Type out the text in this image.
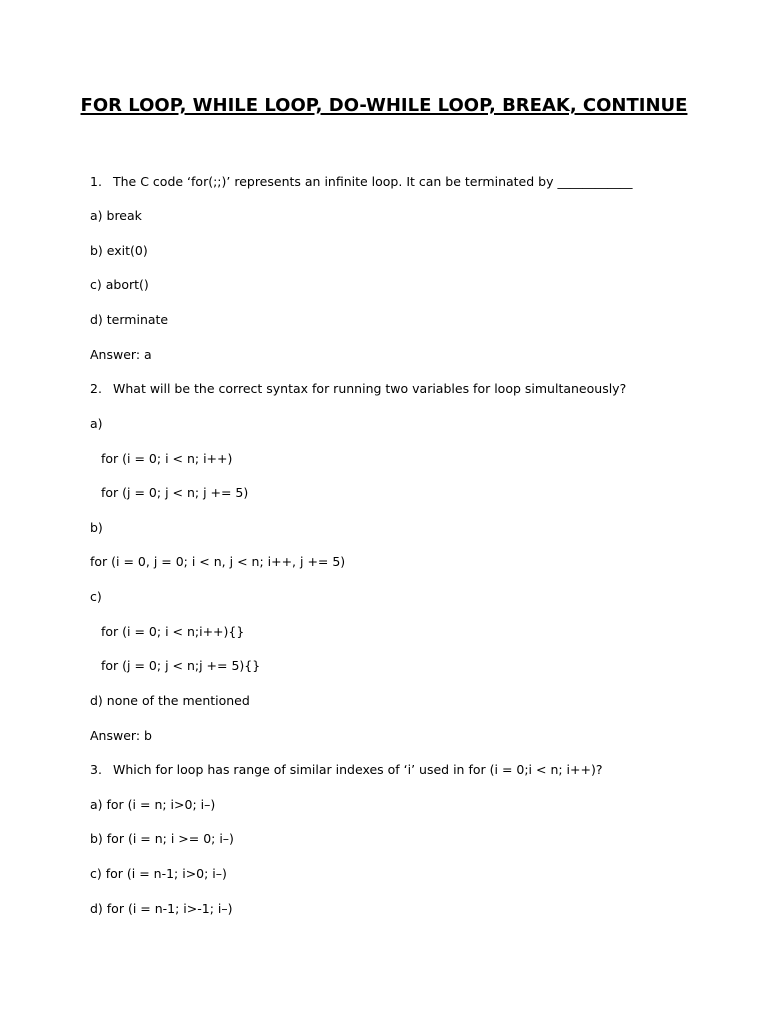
FOR LOOP, WHILE LOOP, DO-WHILE LOOP, BREAK, CONTINUE
1. The C code ‘for(;;)’ represents an infinite loop. It can be terminated by ____________
a) break
b) exit(0)
c) abort()
d) terminate
Answer: a
2. What will be the correct syntax for running two variables for loop simultaneously?
a)
for (i = 0; i < n; i++)
for (j = 0; j < n; j += 5)
b)
for (i = 0, j = 0; i < n, j < n; i++, j += 5)
c)
for (i = 0; i < n;i++){}
for (j = 0; j < n;j += 5){}
d) none of the mentioned
Answer: b
3. Which for loop has range of similar indexes of ‘i’ used in for (i = 0;i < n; i++)?
a) for (i = n; i>0; i–)
b) for (i = n; i >= 0; i–)
c) for (i = n-1; i>0; i–)
d) for (i = n-1; i>-1; i–)
